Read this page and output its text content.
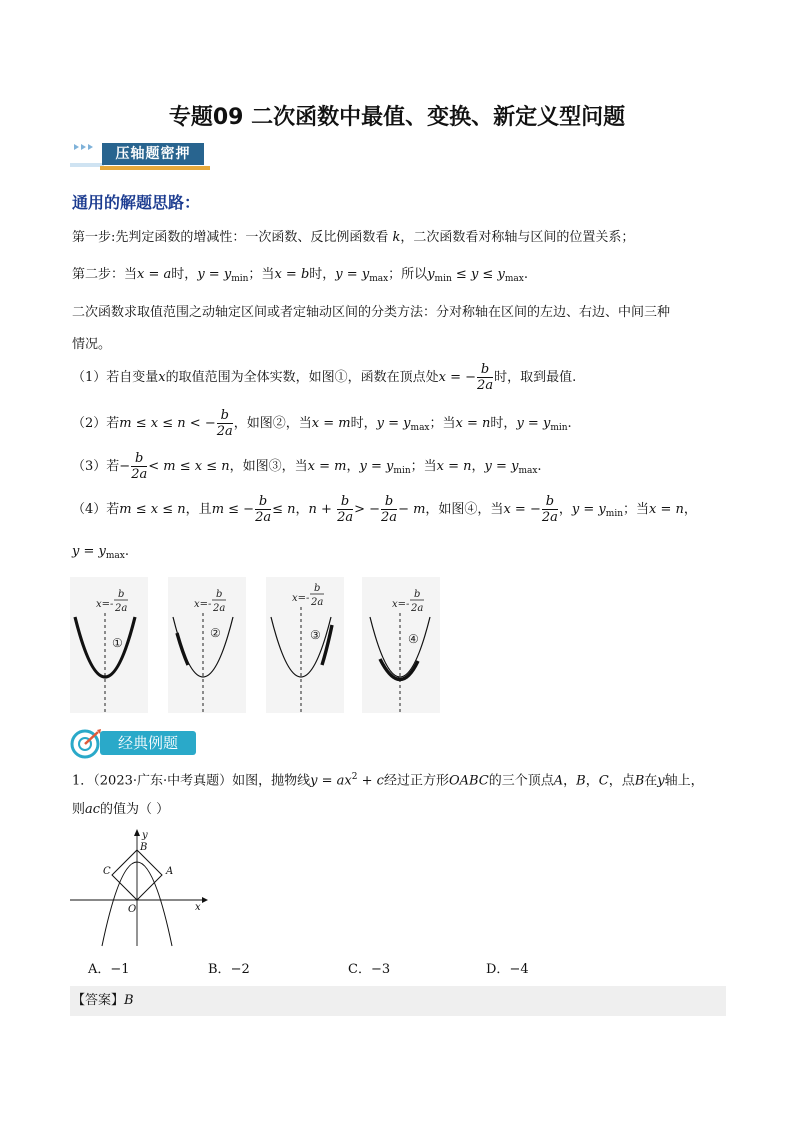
专题09 二次函数中最值、变换、新定义型问题
压轴题密押
通用的解题思路：
第一步:先判定函数的增减性：一次函数、反比例函数看 k，二次函数看对称轴与区间的位置关系；
第二步：当x = a时，$y = y_{min}$；当x = b时，$y = y_{max}$；所以$y_{min} \le y \le y_{max}$.
二次函数求取值范围之动轴定区间或者定轴动区间的分类方法：分对称轴在区间的左边、右边、中间三种
情况。
（1）若自变量x的取值范围为全体实数，如图①，函数在顶点处x = − $\frac{b}{2a}$ 时，取到最值.
（2）若m ≤ x ≤ n < − $\frac{b}{2a}$ ，如图②，当x = m时，$y = y_{max}$；当x = n时，$y = y_{min}$.
（3）若− $\frac{b}{2a} < m \le x \le n$，如图③，当x = m，$y = y_{min}$；当x = n，$y = y_{max}$.
（4）若m ≤ x ≤ n，且m ≤ − $\frac{b}{2a} \le n$，$n + \frac{b}{2a}$ > − $\frac{b}{2a} - m$，如图④，当x = − $\frac{b}{2a}$ ，$y = y_{min}$；当x = n，
$y = y_{max}$.
x=-
b
2a
①
x=-
b
2a
②
x=-
b
2a
③
x=-
b
2a
④
经典例题
1．（2023·广东·中考真题）如图，抛物线$y = ax^2 + c$经过正方形OABC的三个顶点A，B，C，点B在y轴上，
则ac的值为（ ）
y
x
O
A
B
C
A．−1	B．−2	C．−3	D．−4
【答案】B
